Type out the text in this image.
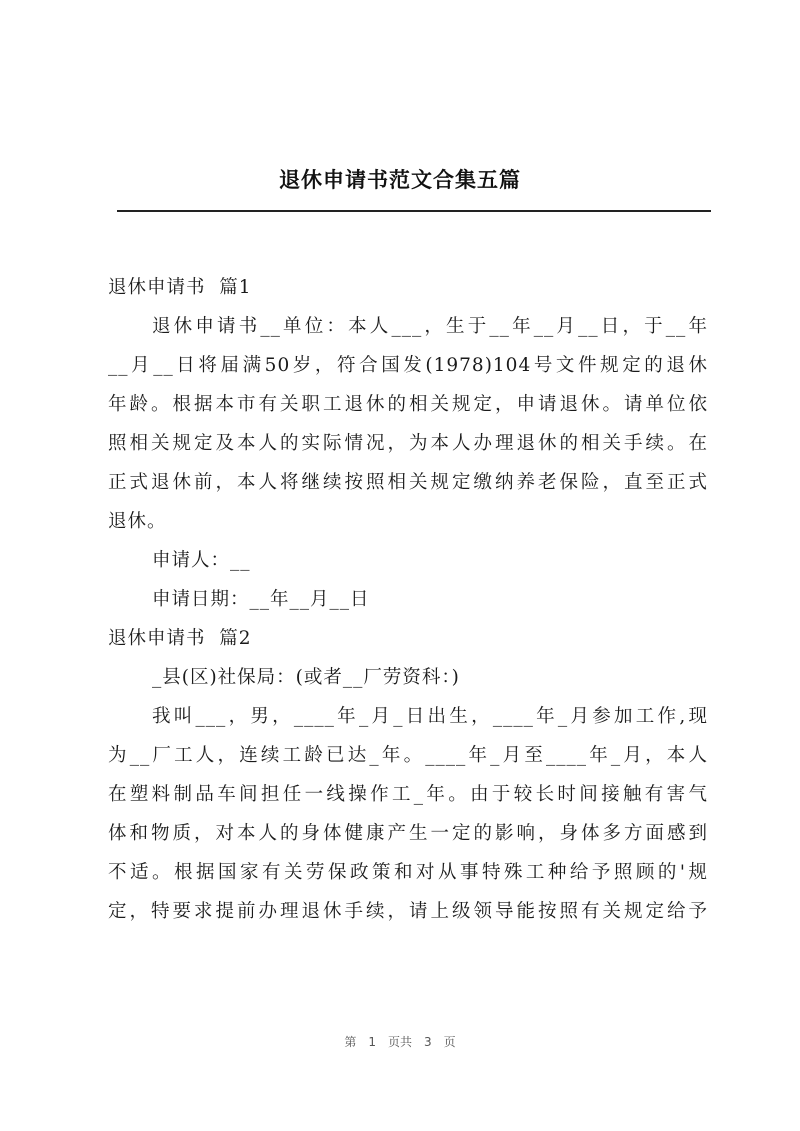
退休申请书范文合集五篇
退休申请书  篇1
退休申请书__单位：本人___，生于__年__月__日，于__年
__月__日将届满50岁，符合国发(1978)104号文件规定的退休
年龄。根据本市有关职工退休的相关规定，申请退休。请单位依
照相关规定及本人的实际情况，为本人办理退休的相关手续。在
正式退休前，本人将继续按照相关规定缴纳养老保险，直至正式
退休。
申请人：__
申请日期：__年__月__日
退休申请书  篇2
_县(区)社保局：(或者__厂劳资科：)
我叫___，男，____年_月_日出生，____年_月参加工作,现
为__厂工人，连续工龄已达_年。____年_月至____年_月，本人
在塑料制品车间担任一线操作工_年。由于较长时间接触有害气
体和物质，对本人的身体健康产生一定的影响，身体多方面感到
不适。根据国家有关劳保政策和对从事特殊工种给予照顾的'规
定，特要求提前办理退休手续，请上级领导能按照有关规定给予
第 1 页共 3 页
